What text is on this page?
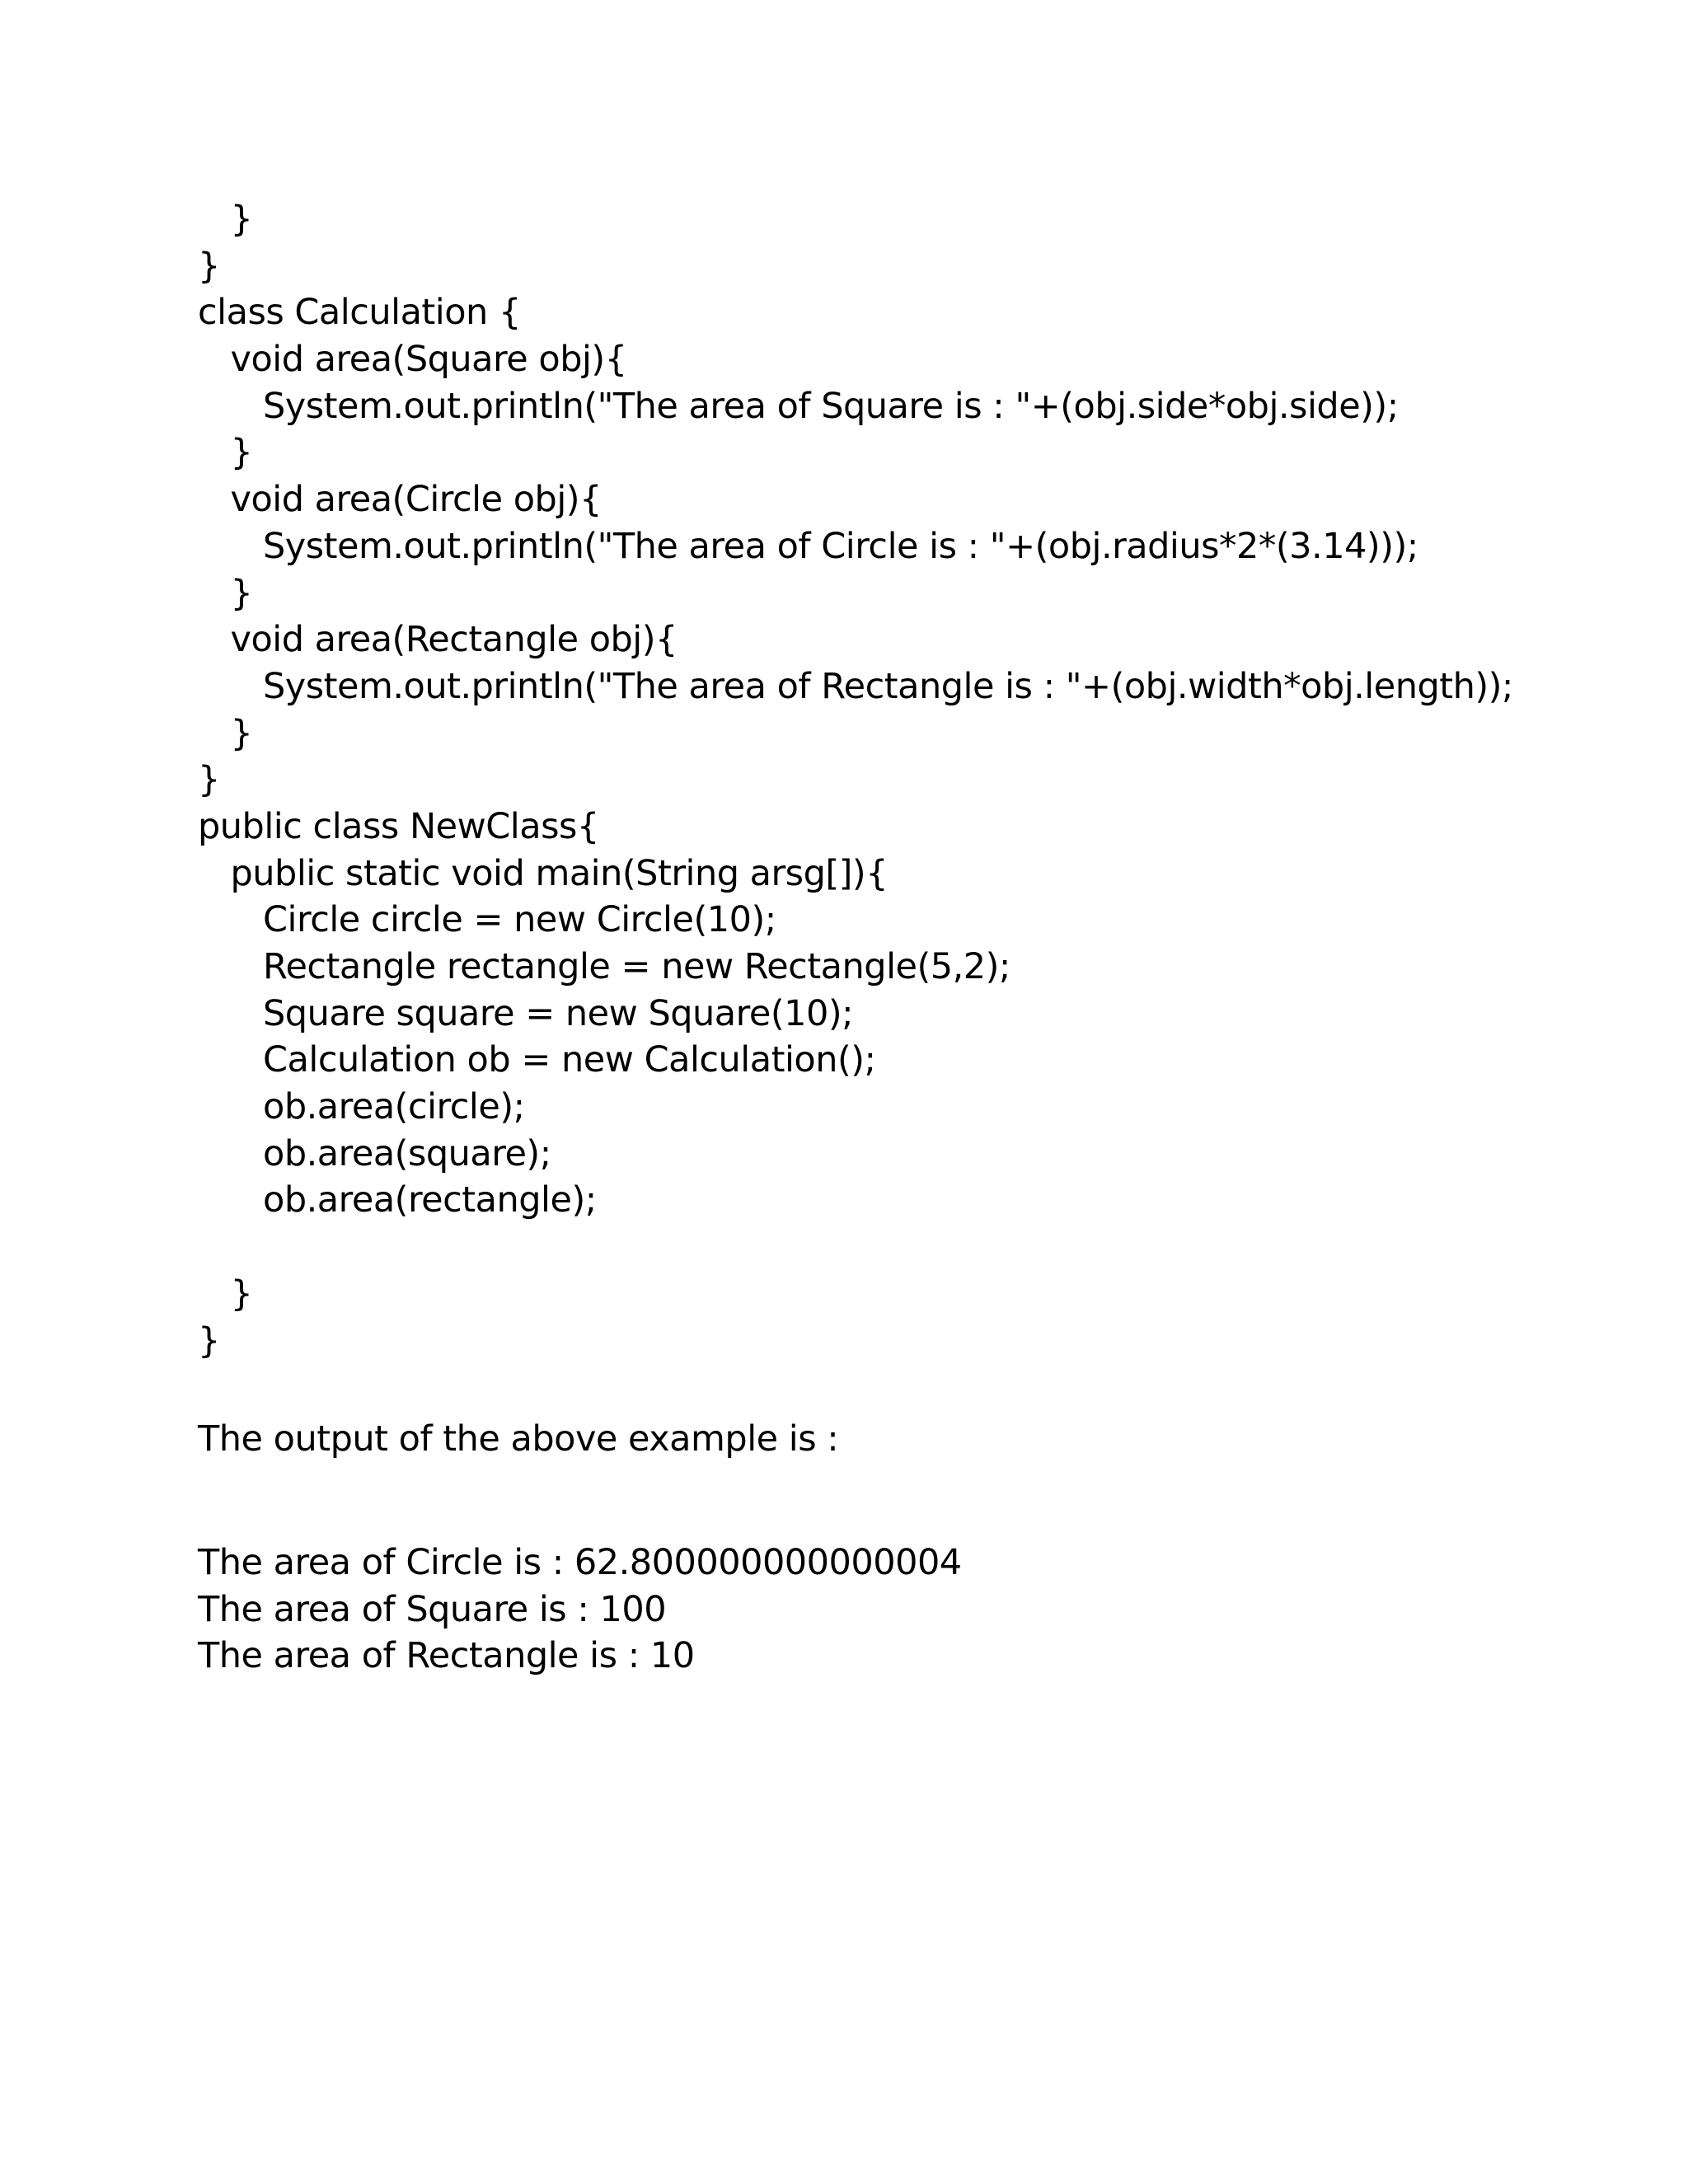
}
}
class Calculation {
void area(Square obj){
System.out.println("The area of Square is : "+(obj.side*obj.side));
}
void area(Circle obj){
System.out.println("The area of Circle is : "+(obj.radius*2*(3.14)));
}
void area(Rectangle obj){
System.out.println("The area of Rectangle is : "+(obj.width*obj.length));
}
}
public class NewClass{
public static void main(String arsg[]){
Circle circle = new Circle(10);
Rectangle rectangle = new Rectangle(5,2);
Square square = new Square(10);
Calculation ob = new Calculation();
ob.area(circle);
ob.area(square);
ob.area(rectangle);
}
}
The output of the above example is :
The area of Circle is : 62.800000000000004
The area of Square is : 100
The area of Rectangle is : 10
